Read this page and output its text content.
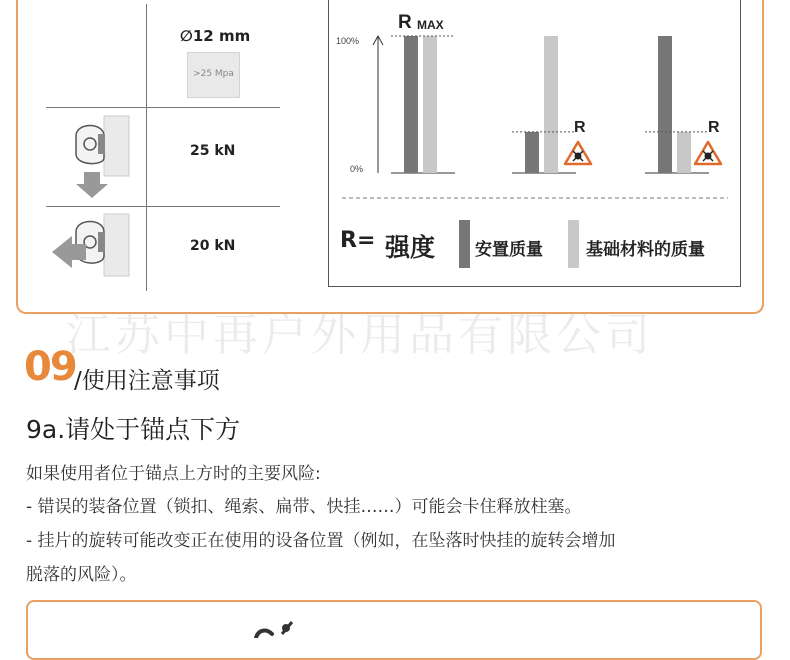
∅12 mm
>25 Mpa
25 kN
20 kN
100%
0%
R MAX
R	R
R= 强度 安置质量	基础材料的质量
江苏中再户外用品有限公司
09
/使用注意事项
9a.请处于锚点下方
如果使用者位于锚点上方时的主要风险:
- 错误的装备位置（锁扣、绳索、扁带、快挂……）可能会卡住释放柱塞。
- 挂片的旋转可能改变正在使用的设备位置（例如，在坠落时快挂的旋转会增加
脱落的风险）。
